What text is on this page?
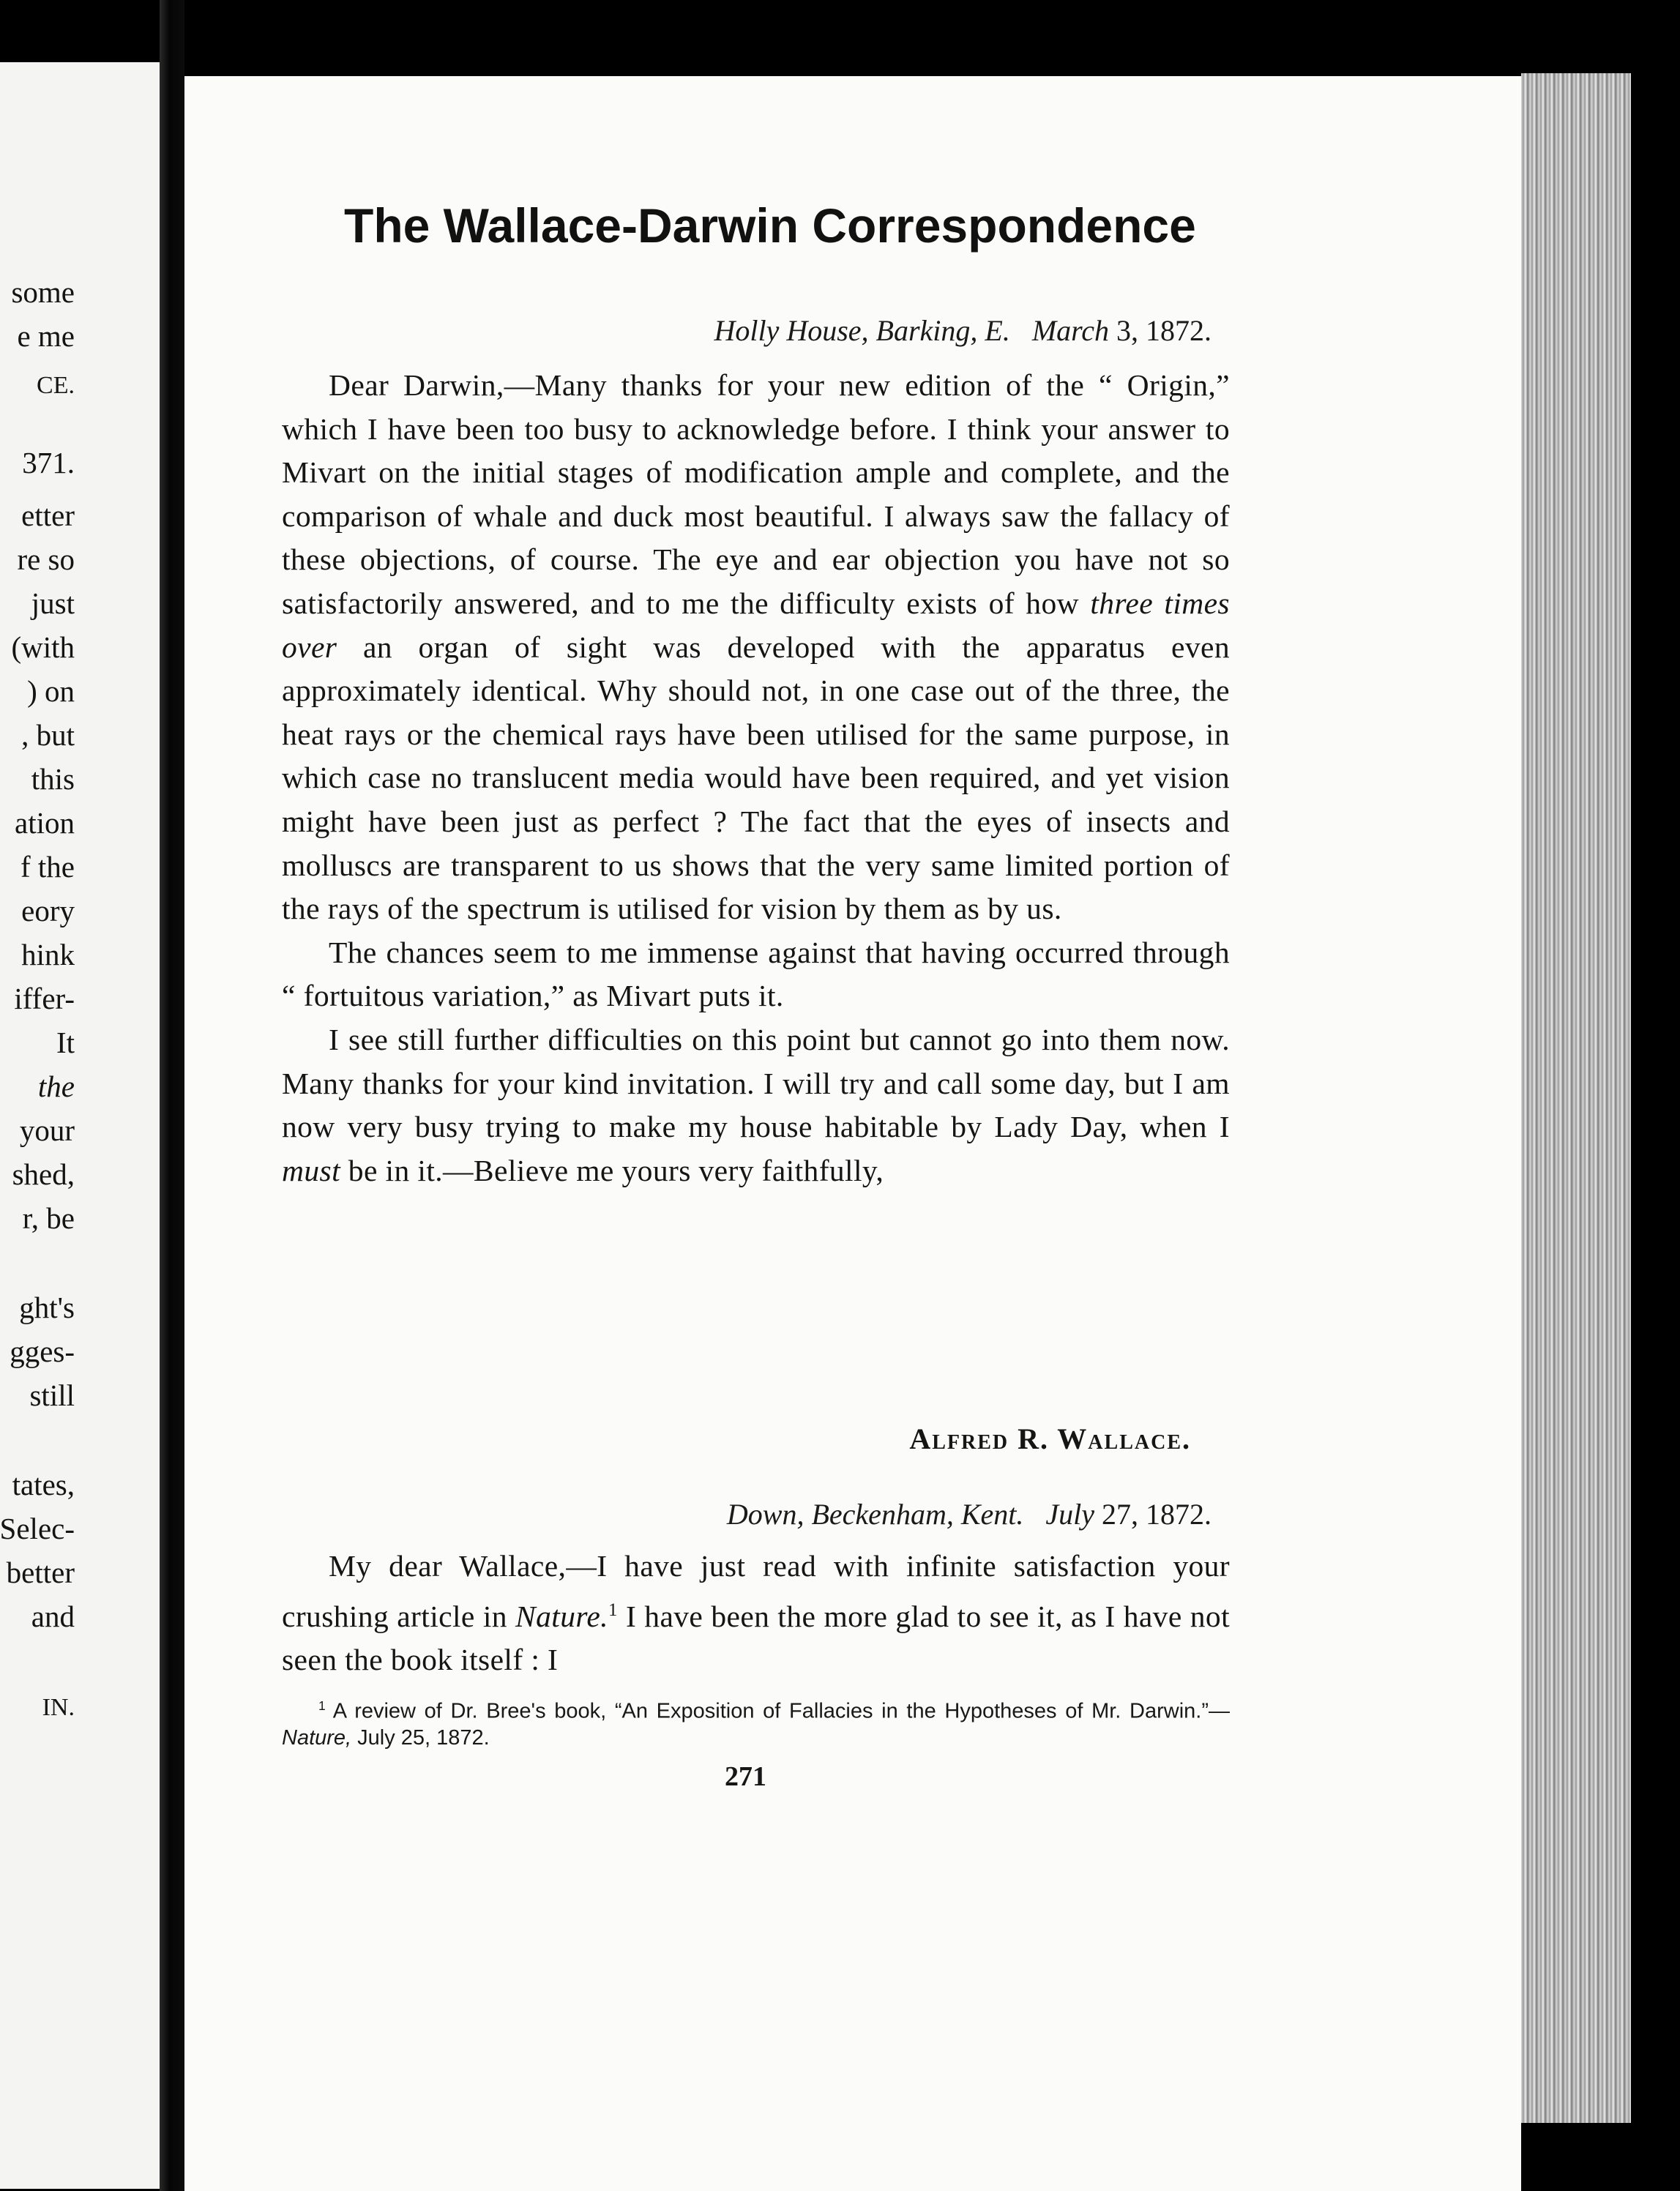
some

e me

CE.

371.

etter

re so

just

(with

) on

, but

this

ation

f the

eory

hink

iffer-

It

the

your

shed,

r, be

ght's

gges-

still

tates,

Selec-

better

and

IN.

The Wallace-Darwin Correspondence

Holly House, Barking, E. March 3, 1872.

Dear Darwin,—Many thanks for your new edition of the “ Origin,” which I have been too busy to acknowledge before. I think your answer to Mivart on the initial stages of modification ample and complete, and the comparison of whale and duck most beautiful. I always saw the fallacy of these objections, of course. The eye and ear objection you have not so satisfactorily answered, and to me the difficulty exists of how three times over an organ of sight was developed with the apparatus even approximately identical. Why should not, in one case out of the three, the heat rays or the chemical rays have been utilised for the same purpose, in which case no translucent media would have been required, and yet vision might have been just as perfect ? The fact that the eyes of insects and molluscs are transparent to us shows that the very same limited portion of the rays of the spectrum is utilised for vision by them as by us.

The chances seem to me immense against that having occurred through “ fortuitous variation,” as Mivart puts it.

I see still further difficulties on this point but cannot go into them now. Many thanks for your kind invitation. I will try and call some day, but I am now very busy trying to make my house habitable by Lady Day, when I must be in it.—Believe me yours very faithfully,

Alfred R. Wallace.

Down, Beckenham, Kent. July 27, 1872.

My dear Wallace,—I have just read with infinite satisfaction your crushing article in Nature.$^1$ I have been the more glad to see it, as I have not seen the book itself : I

$^1$ A review of Dr. Bree's book, “An Exposition of Fallacies in the Hypotheses of Mr. Darwin.”—Nature, July 25, 1872.

271
